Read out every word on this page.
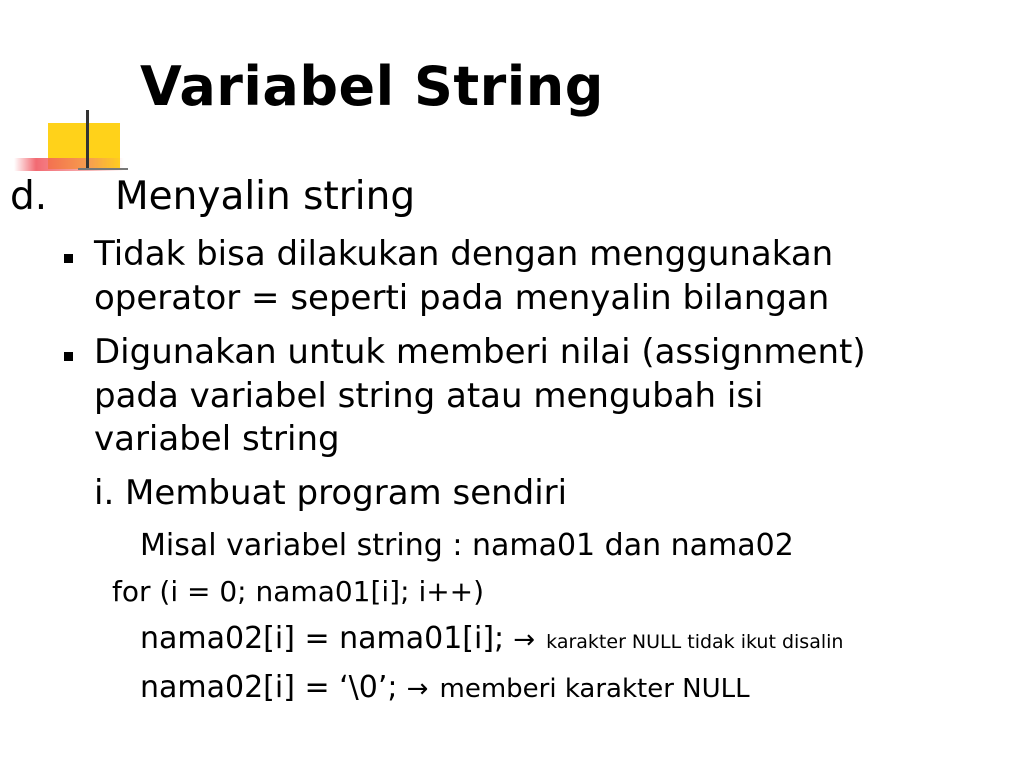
Variabel String
d. Menyalin string
Tidak bisa dilakukan dengan menggunakan
operator = seperti pada menyalin bilangan
Digunakan untuk memberi nilai (assignment)
pada variabel string atau mengubah isi
variabel string
i. Membuat program sendiri
Misal variabel string : nama01 dan nama02
for (i = 0; nama01[i]; i++)
nama02[i] = nama01[i]; → karakter NULL tidak ikut disalin
nama02[i] = ‘\0’; → memberi karakter NULL
